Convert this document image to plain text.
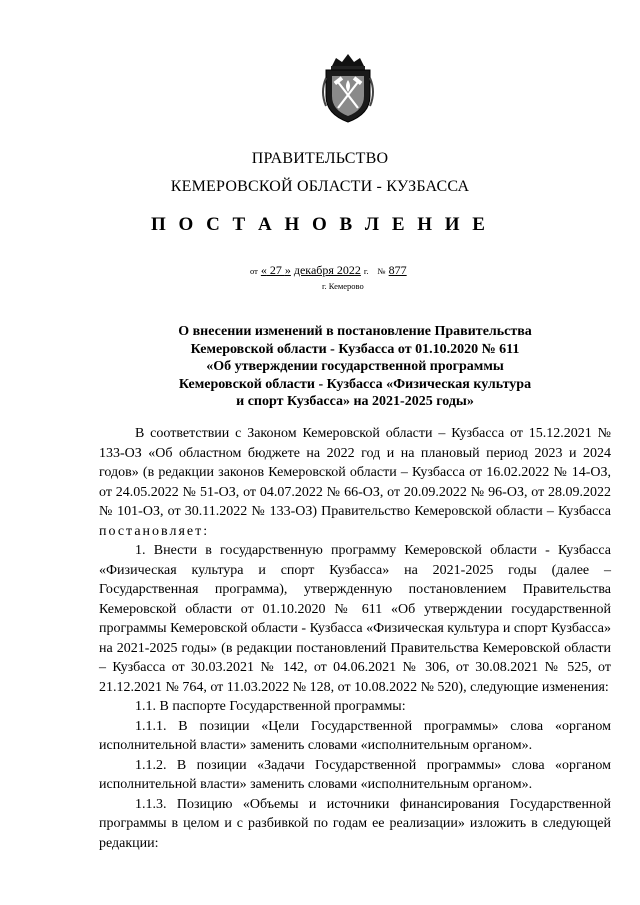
ПРАВИТЕЛЬСТВО
КЕМЕРОВСКОЙ ОБЛАСТИ - КУЗБАССА
П О С Т А Н О В Л Е Н И Е
от « 27 » декабря 2022 г. № 877
г. Кемерово
О внесении изменений в постановление Правительства
Кемеровской области - Кузбасса от 01.10.2020 № 611
«Об утверждении государственной программы
Кемеровской области - Кузбасса «Физическая культура
и спорт Кузбасса» на 2021-2025 годы»

В соответствии с Законом Кемеровской области – Кузбасса от 15.12.2021 № 133-ОЗ «Об областном бюджете на 2022 год и на плановый период 2023 и 2024 годов» (в редакции законов Кемеровской области – Кузбасса от 16.02.2022 № 14-ОЗ, от 24.05.2022 № 51-ОЗ, от 04.07.2022 № 66-ОЗ, от 20.09.2022 № 96-ОЗ, от 28.09.2022 № 101-ОЗ, от 30.11.2022 № 133-ОЗ) Правительство Кемеровской области – Кузбасса постановляет:

1. Внести в государственную программу Кемеровской области - Кузбасса «Физическая культура и спорт Кузбасса» на 2021-2025 годы (далее – Государственная программа), утвержденную постановлением Правительства Кемеровской области от 01.10.2020 № 611 «Об утверждении государственной программы Кемеровской области - Кузбасса «Физическая культура и спорт Кузбасса» на 2021-2025 годы» (в редакции постановлений Правительства Кемеровской области – Кузбасса от 30.03.2021 № 142, от 04.06.2021 № 306, от 30.08.2021 № 525, от 21.12.2021 № 764, от 11.03.2022 № 128, от 10.08.2022 № 520), следующие изменения:

1.1. В паспорте Государственной программы:

1.1.1. В позиции «Цели Государственной программы» слова «органом исполнительной власти» заменить словами «исполнительным органом».

1.1.2. В позиции «Задачи Государственной программы» слова «органом исполнительной власти» заменить словами «исполнительным органом».

1.1.3. Позицию «Объемы и источники финансирования Государственной программы в целом и с разбивкой по годам ее реализации» изложить в следующей редакции:
